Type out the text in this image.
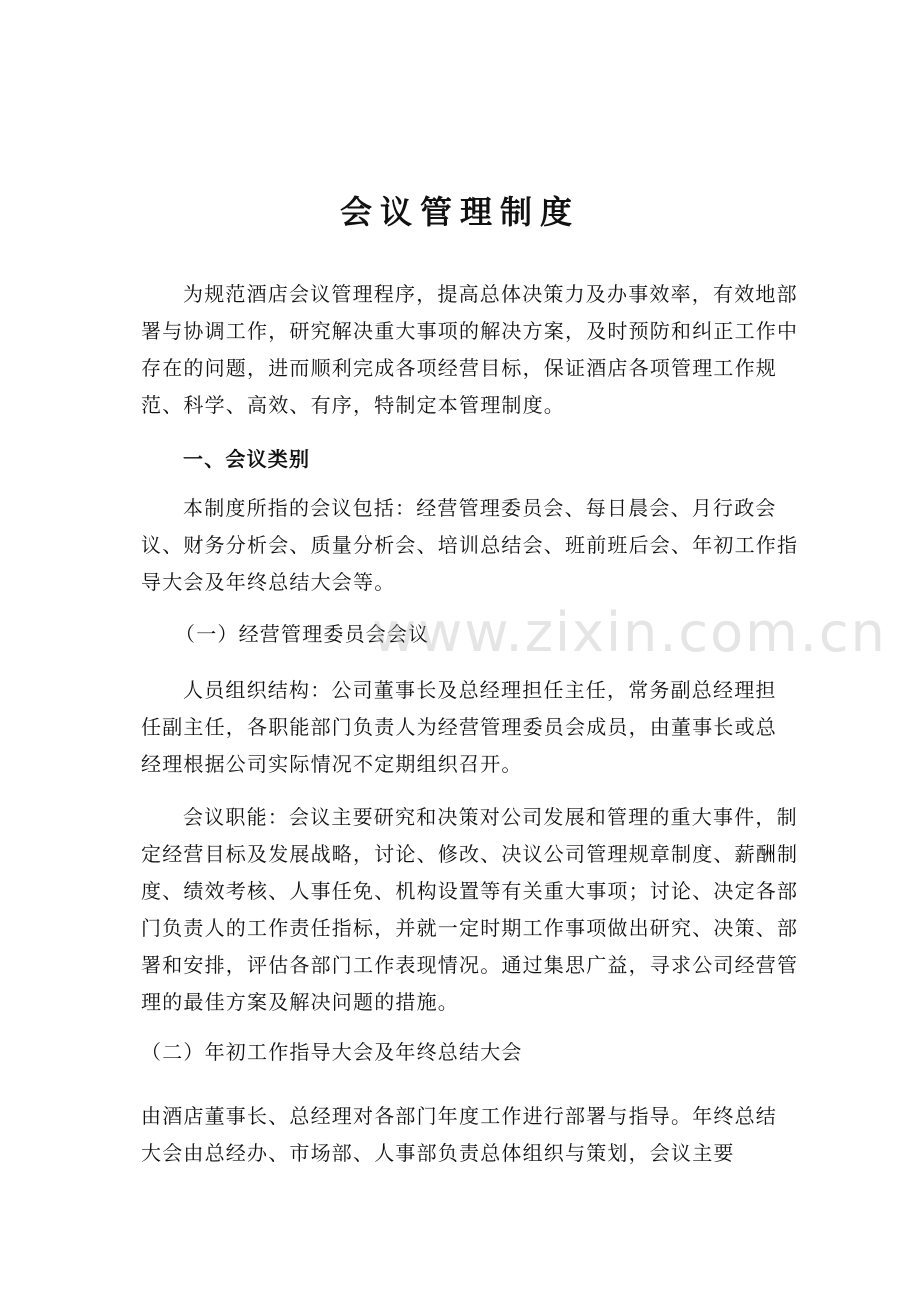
会议管理制度
为规范酒店会议管理程序，提高总体决策力及办事效率，有效地部署与协调工作，研究解决重大事项的解决方案，及时预防和纠正工作中存在的问题，进而顺利完成各项经营目标，保证酒店各项管理工作规范、科学、高效、有序，特制定本管理制度。
一、会议类别
本制度所指的会议包括：经营管理委员会、每日晨会、月行政会议、财务分析会、质量分析会、培训总结会、班前班后会、年初工作指导大会及年终总结大会等。
（一）经营管理委员会会议
人员组织结构：公司董事长及总经理担任主任，常务副总经理担任副主任，各职能部门负责人为经营管理委员会成员，由董事长或总经理根据公司实际情况不定期组织召开。
会议职能：会议主要研究和决策对公司发展和管理的重大事件，制定经营目标及发展战略，讨论、修改、决议公司管理规章制度、薪酬制度、绩效考核、人事任免、机构设置等有关重大事项；讨论、决定各部门负责人的工作责任指标，并就一定时期工作事项做出研究、决策、部署和安排，评估各部门工作表现情况。通过集思广益，寻求公司经营管理的最佳方案及解决问题的措施。
（二）年初工作指导大会及年终总结大会
由酒店董事长、总经理对各部门年度工作进行部署与指导。年终总结大会由总经办、市场部、人事部负责总体组织与策划，会议主要
www.zixin.com.cn
